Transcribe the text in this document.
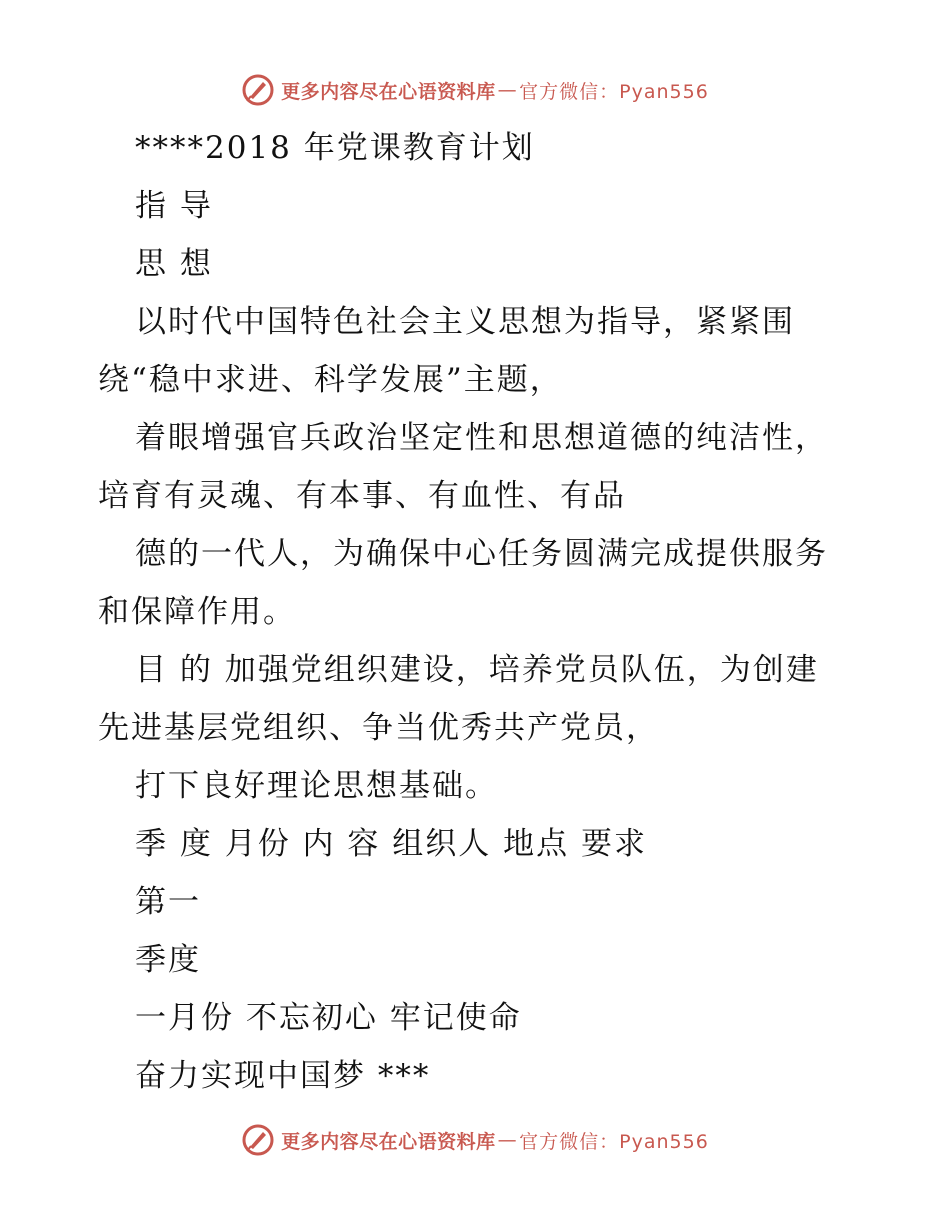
更多内容尽在心语资料库 — 官方微信：Pyan556
****2018 年党课教育计划
指 导
思 想
以时代中国特色社会主义思想为指导，紧紧围
绕“稳中求进、科学发展”主题，
着眼增强官兵政治坚定性和思想道德的纯洁性，
培育有灵魂、有本事、有血性、有品
德的一代人，为确保中心任务圆满完成提供服务
和保障作用。
目 的 加强党组织建设，培养党员队伍，为创建
先进基层党组织、争当优秀共产党员，
打下良好理论思想基础。
季 度 月份 内 容 组织人 地点 要求
第一
季度
一月份 不忘初心 牢记使命
奋力实现中国梦 ***
更多内容尽在心语资料库 — 官方微信：Pyan556
